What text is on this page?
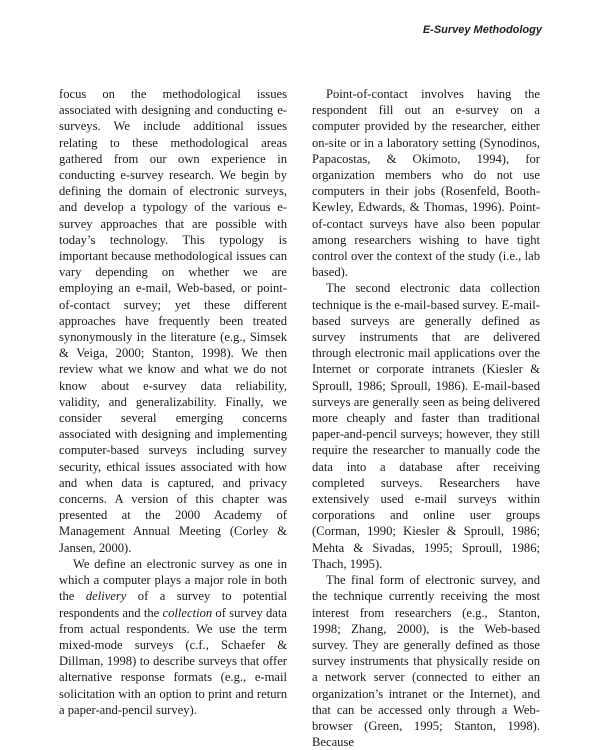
E-Survey Methodology

focus on the methodological issues associated with designing and conducting e-surveys. We include additional issues relating to these methodological areas gathered from our own experience in conducting e-survey research. We begin by defining the domain of electronic surveys, and develop a typology of the various e-survey approaches that are possible with today’s technology. This typology is important because methodological issues can vary depending on whether we are employing an e-mail, Web-based, or point-of-contact survey; yet these different approaches have frequently been treated synonymously in the literature (e.g., Simsek & Veiga, 2000; Stanton, 1998). We then review what we know and what we do not know about e-survey data reliability, validity, and generalizability. Finally, we consider several emerging concerns associated with designing and implementing computer-based surveys including survey security, ethical issues associated with how and when data is captured, and privacy concerns. A version of this chapter was presented at the 2000 Academy of Management Annual Meeting (Corley & Jansen, 2000).

We define an electronic survey as one in which a computer plays a major role in both the delivery of a survey to potential respondents and the collection of survey data from actual respondents. We use the term mixed-mode surveys (c.f., Schaefer & Dillman, 1998) to describe surveys that offer alternative response formats (e.g., e-mail solicitation with an option to print and return a paper-and-pencil survey).

Point-of-contact involves having the respondent fill out an e-survey on a computer provided by the researcher, either on-site or in a laboratory setting (Synodinos, Papacostas, & Okimoto, 1994), for organization members who do not use computers in their jobs (Rosenfeld, Booth-Kewley, Edwards, & Thomas, 1996). Point-of-contact surveys have also been popular among researchers wishing to have tight control over the context of the study (i.e., lab based).

The second electronic data collection technique is the e-mail-based survey. E-mail-based surveys are generally defined as survey instruments that are delivered through electronic mail applications over the Internet or corporate intranets (Kiesler & Sproull, 1986; Sproull, 1986). E-mail-based surveys are generally seen as being delivered more cheaply and faster than traditional paper-and-pencil surveys; however, they still require the researcher to manually code the data into a database after receiving completed surveys. Researchers have extensively used e-mail surveys within corporations and online user groups (Corman, 1990; Kiesler & Sproull, 1986; Mehta & Sivadas, 1995; Sproull, 1986; Thach, 1995).

The final form of electronic survey, and the technique currently receiving the most interest from researchers (e.g., Stanton, 1998; Zhang, 2000), is the Web-based survey. They are generally defined as those survey instruments that physically reside on a network server (connected to either an organization’s intranet or the Internet), and that can be accessed only through a Web-browser (Green, 1995; Stanton, 1998). Because
